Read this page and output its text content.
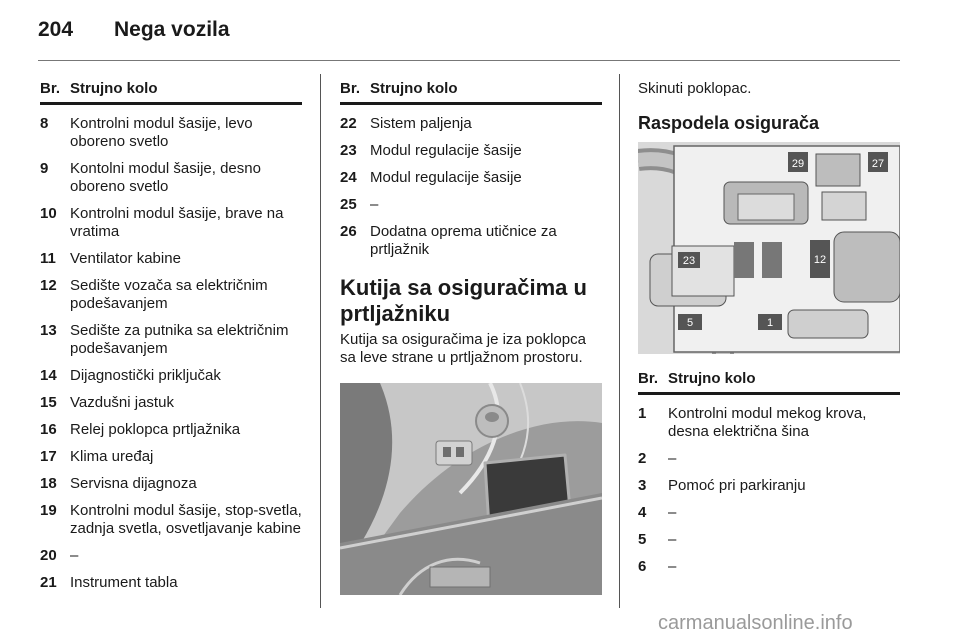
204 Nega vozila
Br. Strujno kolo
8	Kontrolni modul šasije, levo oboreno svetlo
9	Kontolni modul šasije, desno oboreno svetlo
10 Kontrolni modul šasije, brave na vratima
11 Ventilator kabine
12 Sedište vozača sa električnim podešavanjem
13 Sedište za putnika sa električnim podešavanjem
14 Dijagnostički priključak
15 Vazdušni jastuk
16 Relej poklopca prtljažnika
17 Klima uređaj
18 Servisna dijagnoza
19 Kontrolni modul šasije, stop-svetla, zadnja svetla, osvetljavanje kabine
20 –
21 Instrument tabla
Br. Strujno kolo
22 Sistem paljenja
23 Modul regulacije šasije
24 Modul regulacije šasije
25 –
26 Dodatna oprema utičnice za prtljažnik
Kutija sa osiguračima u prtljažniku
Kutija sa osiguračima je iza poklopca sa leve strane u prtljažnom prostoru.
Skinuti poklopac.
Raspodela osigurača
29	27
23	12
5	1
Br. Strujno kolo
1	Kontrolni modul mekog krova, desna električna šina
2	–
3	Pomoć pri parkiranju
4	–
5	–
6	–
carmanualsonline.info
